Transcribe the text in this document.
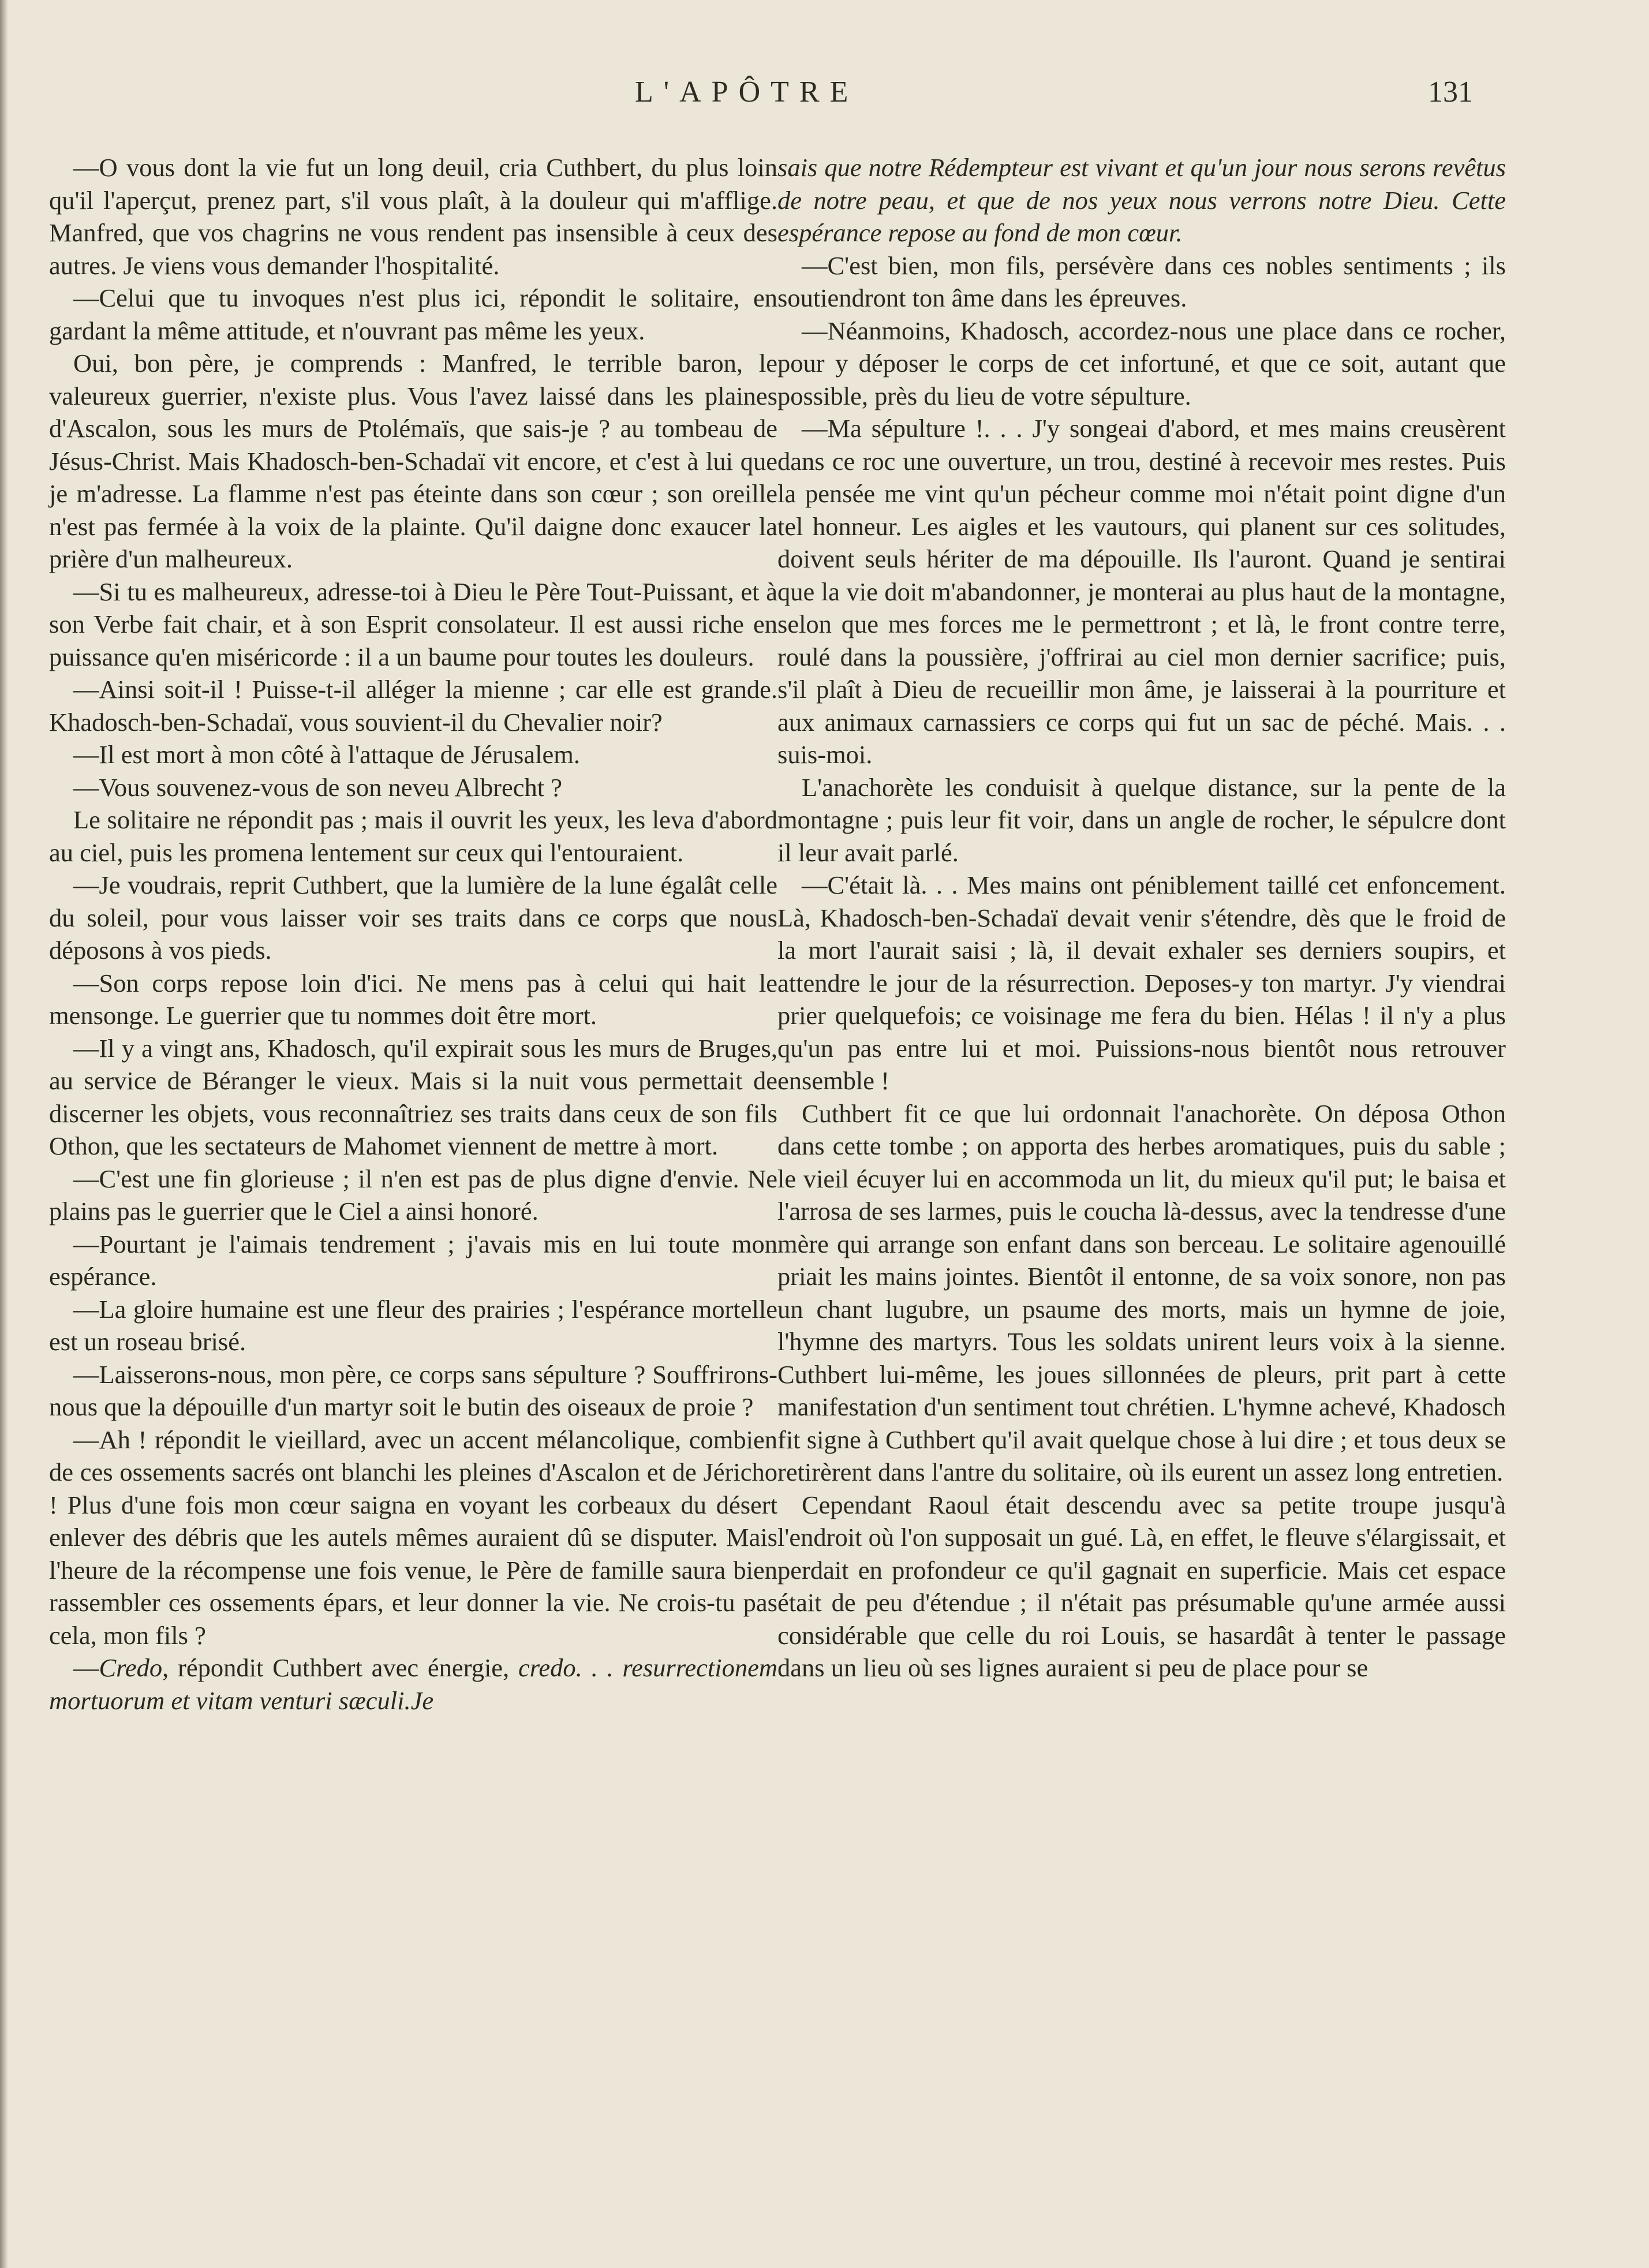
L'APÔTRE	131

—O vous dont la vie fut un long deuil, cria Cuthbert, du plus loin qu'il l'aperçut, prenez part, s'il vous plaît, à la douleur qui m'afflige. Manfred, que vos chagrins ne vous rendent pas insensible à ceux des autres. Je viens vous demander l'hospitalité.

—Celui que tu invoques n'est plus ici, répondit le solitaire, en gardant la même attitude, et n'ouvrant pas même les yeux.

Oui, bon père, je comprends : Manfred, le terrible baron, le valeureux guerrier, n'existe plus. Vous l'avez laissé dans les plaines d'Ascalon, sous les murs de Ptolémaïs, que sais-je ? au tombeau de Jésus-Christ. Mais Khadosch-ben-Schadaï vit encore, et c'est à lui que je m'adresse. La flamme n'est pas éteinte dans son cœur ; son oreille n'est pas fermée à la voix de la plainte. Qu'il daigne donc exaucer la prière d'un malheureux.

—Si tu es malheureux, adresse-toi à Dieu le Père Tout-Puissant, et à son Verbe fait chair, et à son Esprit consolateur. Il est aussi riche en puissance qu'en miséricorde : il a un baume pour toutes les douleurs.

—Ainsi soit-il ! Puisse-t-il alléger la mienne ; car elle est grande. Khadosch-ben-Schadaï, vous souvient-il du Chevalier noir?

—Il est mort à mon côté à l'attaque de Jérusalem.

—Vous souvenez-vous de son neveu Albrecht ?

Le solitaire ne répondit pas ; mais il ouvrit les yeux, les leva d'abord au ciel, puis les promena lentement sur ceux qui l'entouraient.

—Je voudrais, reprit Cuthbert, que la lumière de la lune égalât celle du soleil, pour vous laisser voir ses traits dans ce corps que nous déposons à vos pieds.

—Son corps repose loin d'ici. Ne mens pas à celui qui hait le mensonge. Le guerrier que tu nommes doit être mort.

—Il y a vingt ans, Khadosch, qu'il expirait sous les murs de Bruges, au service de Béranger le vieux. Mais si la nuit vous permettait de discerner les objets, vous reconnaîtriez ses traits dans ceux de son fils Othon, que les sectateurs de Mahomet viennent de mettre à mort.

—C'est une fin glorieuse ; il n'en est pas de plus digne d'envie. Ne plains pas le guerrier que le Ciel a ainsi honoré.

—Pourtant je l'aimais tendrement ; j'avais mis en lui toute mon espérance.

—La gloire humaine est une fleur des prairies ; l'espérance mortelle est un roseau brisé.

—Laisserons-nous, mon père, ce corps sans sépulture ? Souffrirons-nous que la dépouille d'un martyr soit le butin des oiseaux de proie ?

—Ah ! répondit le vieillard, avec un accent mélancolique, combien de ces ossements sacrés ont blanchi les pleines d'Ascalon et de Jéricho ! Plus d'une fois mon cœur saigna en voyant les corbeaux du désert enlever des débris que les autels mêmes auraient dû se disputer. Mais l'heure de la récompense une fois venue, le Père de famille saura bien rassembler ces ossements épars, et leur donner la vie. Ne crois-tu pas cela, mon fils ?

—Credo, répondit Cuthbert avec énergie, credo. . . resurrectionem mortuorum et vitam venturi sæculi.Je

sais que notre Rédempteur est vivant et qu'un jour nous serons revêtus de notre peau, et que de nos yeux nous verrons notre Dieu. Cette espérance repose au fond de mon cœur.

—C'est bien, mon fils, persévère dans ces nobles sentiments ; ils soutiendront ton âme dans les épreuves.

—Néanmoins, Khadosch, accordez-nous une place dans ce rocher, pour y déposer le corps de cet infortuné, et que ce soit, autant que possible, près du lieu de votre sépulture.

—Ma sépulture !. . . J'y songeai d'abord, et mes mains creusèrent dans ce roc une ouverture, un trou, destiné à recevoir mes restes. Puis la pensée me vint qu'un pécheur comme moi n'était point digne d'un tel honneur. Les aigles et les vautours, qui planent sur ces solitudes, doivent seuls hériter de ma dépouille. Ils l'auront. Quand je sentirai que la vie doit m'abandonner, je monterai au plus haut de la montagne, selon que mes forces me le permettront ; et là, le front contre terre, roulé dans la poussière, j'offrirai au ciel mon dernier sacrifice; puis, s'il plaît à Dieu de recueillir mon âme, je laisserai à la pourriture et aux animaux carnassiers ce corps qui fut un sac de péché. Mais. . . suis-moi.

L'anachorète les conduisit à quelque distance, sur la pente de la montagne ; puis leur fit voir, dans un angle de rocher, le sépulcre dont il leur avait parlé.

—C'était là. . . Mes mains ont péniblement taillé cet enfoncement. Là, Khadosch-ben-Schadaï devait venir s'étendre, dès que le froid de la mort l'aurait saisi ; là, il devait exhaler ses derniers soupirs, et attendre le jour de la résurrection. Deposes-y ton martyr. J'y viendrai prier quelquefois; ce voisinage me fera du bien. Hélas ! il n'y a plus qu'un pas entre lui et moi. Puissions-nous bientôt nous retrouver ensemble !

Cuthbert fit ce que lui ordonnait l'anachorète. On déposa Othon dans cette tombe ; on apporta des herbes aromatiques, puis du sable ; le vieil écuyer lui en accommoda un lit, du mieux qu'il put; le baisa et l'arrosa de ses larmes, puis le coucha là-dessus, avec la tendresse d'une mère qui arrange son enfant dans son berceau. Le solitaire agenouillé priait les mains jointes. Bientôt il entonne, de sa voix sonore, non pas un chant lugubre, un psaume des morts, mais un hymne de joie, l'hymne des martyrs. Tous les soldats unirent leurs voix à la sienne. Cuthbert lui-même, les joues sillonnées de pleurs, prit part à cette manifestation d'un sentiment tout chrétien. L'hymne achevé, Khadosch fit signe à Cuthbert qu'il avait quelque chose à lui dire ; et tous deux se retirèrent dans l'antre du solitaire, où ils eurent un assez long entretien.

Cependant Raoul était descendu avec sa petite troupe jusqu'à l'endroit où l'on supposait un gué. Là, en effet, le fleuve s'élargissait, et perdait en profondeur ce qu'il gagnait en superficie. Mais cet espace était de peu d'étendue ; il n'était pas présumable qu'une armée aussi considérable que celle du roi Louis, se hasardât à tenter le passage dans un lieu où ses lignes auraient si peu de place pour se
